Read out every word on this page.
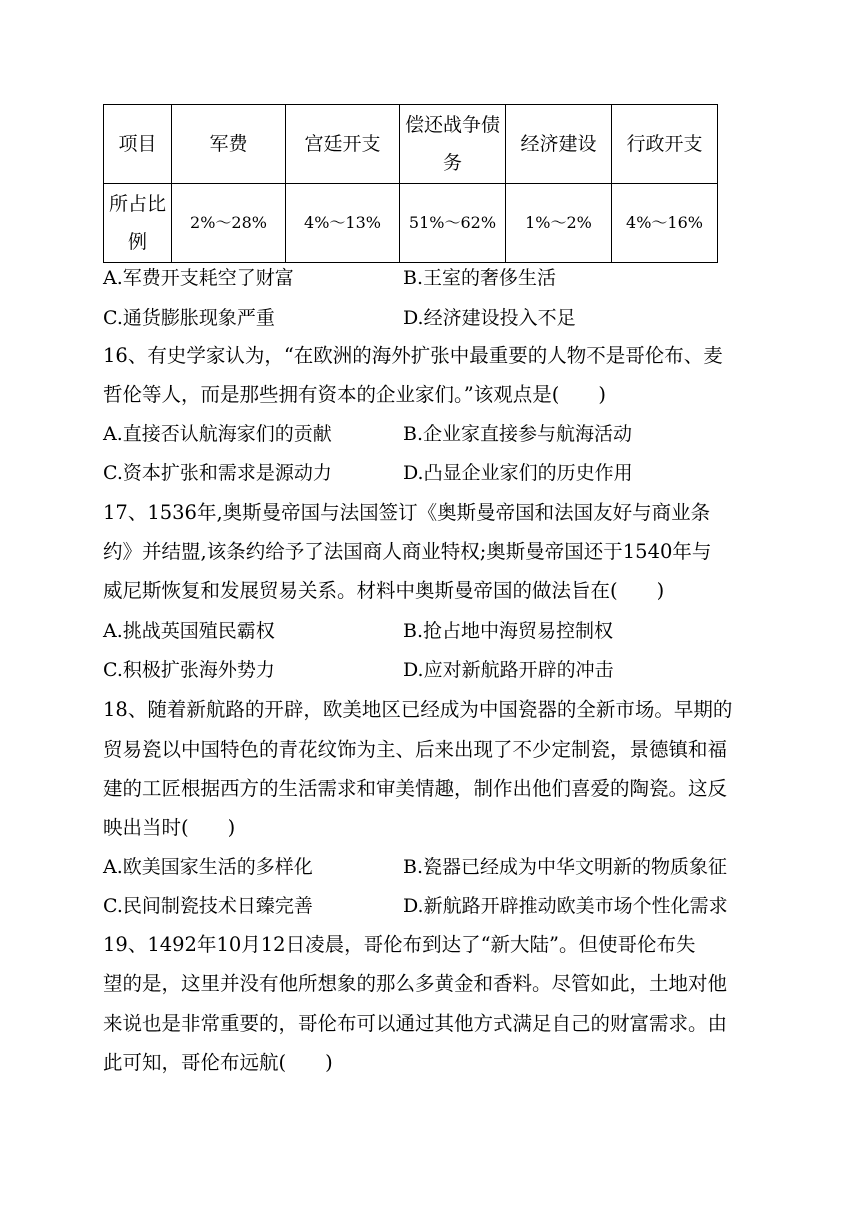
项目	军费	宫廷开支	偿还战争债务	经济建设	行政开支
所占比例	2%～28%	4%～13%	51%～62%	1%～2%	4%～16%
A.军费开支耗空了财富	B.王室的奢侈生活
C.通货膨胀现象严重	D.经济建设投入不足
16、有史学家认为，“在欧洲的海外扩张中最重要的人物不是哥伦布、麦
哲伦等人，而是那些拥有资本的企业家们。”该观点是(　　)
A.直接否认航海家们的贡献	B.企业家直接参与航海活动
C.资本扩张和需求是源动力	D.凸显企业家们的历史作用
17、1536年,奥斯曼帝国与法国签订《奥斯曼帝国和法国友好与商业条
约》并结盟,该条约给予了法国商人商业特权;奥斯曼帝国还于1540年与
威尼斯恢复和发展贸易关系。材料中奥斯曼帝国的做法旨在(　　)
A.挑战英国殖民霸权	B.抢占地中海贸易控制权
C.积极扩张海外势力	D.应对新航路开辟的冲击
18、随着新航路的开辟，欧美地区已经成为中国瓷器的全新市场。早期的
贸易瓷以中国特色的青花纹饰为主、后来出现了不少定制瓷，景德镇和福
建的工匠根据西方的生活需求和审美情趣，制作出他们喜爱的陶瓷。这反
映出当时(　　)
A.欧美国家生活的多样化	B.瓷器已经成为中华文明新的物质象征
C.民间制瓷技术日臻完善	D.新航路开辟推动欧美市场个性化需求
19、1492年10月12日凌晨，哥伦布到达了“新大陆”。但使哥伦布失
望的是，这里并没有他所想象的那么多黄金和香料。尽管如此，土地对他
来说也是非常重要的，哥伦布可以通过其他方式满足自己的财富需求。由
此可知，哥伦布远航(　　)
